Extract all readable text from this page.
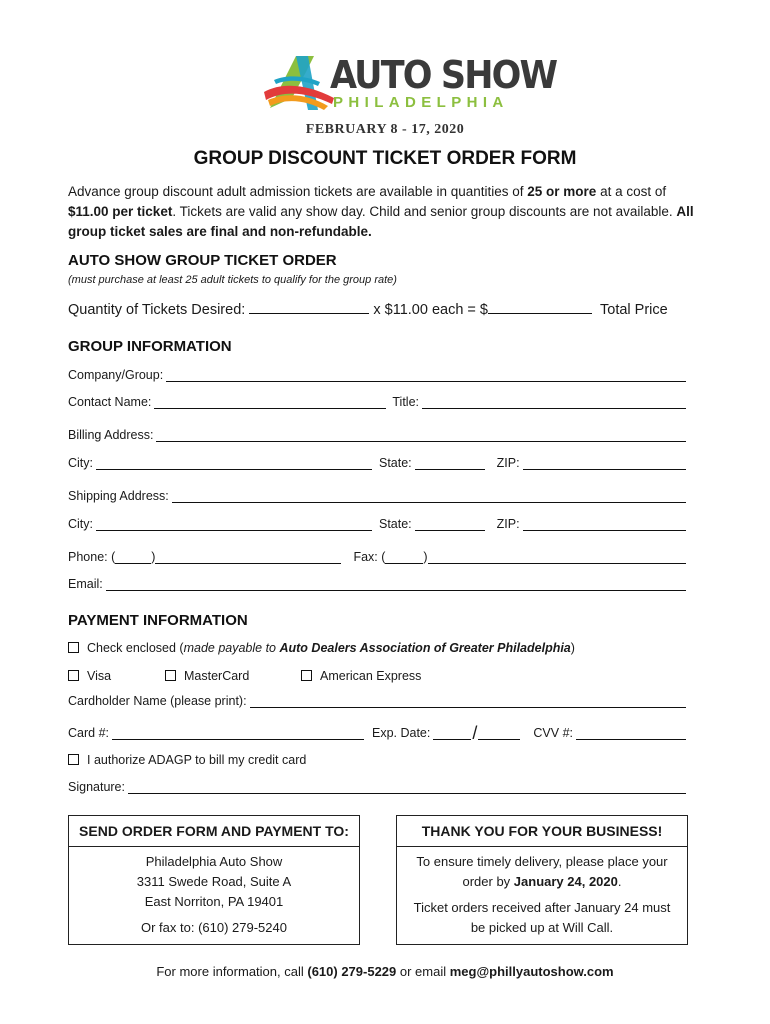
AUTO SHOW
PHILADELPHIA
FEBRUARY 8 - 17, 2020
GROUP DISCOUNT TICKET ORDER FORM
Advance group discount adult admission tickets are available in quantities of 25 or more at a cost of $11.00 per ticket. Tickets are valid any show day. Child and senior group discounts are not available. All group ticket sales are final and non-refundable.
AUTO SHOW GROUP TICKET ORDER
(must purchase at least 25 adult tickets to qualify for the group rate)
Quantity of Tickets Desired:	x $11.00 each = $	Total Price
GROUP INFORMATION
Company/Group:
Contact Name:	Title:
Billing Address:
City:	State:	ZIP:
Shipping Address:
City:	State:	ZIP:
Phone: (	)	Fax: (	)
Email:
PAYMENT INFORMATION
Check enclosed (made payable to Auto Dealers Association of Greater Philadelphia)
Visa	MasterCard	American Express
Cardholder Name (please print):
Card #:	Exp. Date: /	CVV #:
I authorize ADAGP to bill my credit card
Signature:
SEND ORDER FORM AND PAYMENT TO:
Philadelphia Auto Show
3311 Swede Road, Suite A
East Norriton, PA 19401
Or fax to: (610) 279-5240
THANK YOU FOR YOUR BUSINESS!
To ensure timely delivery, please place your order by January 24, 2020.
Ticket orders received after January 24 must be picked up at Will Call.
For more information, call (610) 279-5229 or email meg@phillyautoshow.com
